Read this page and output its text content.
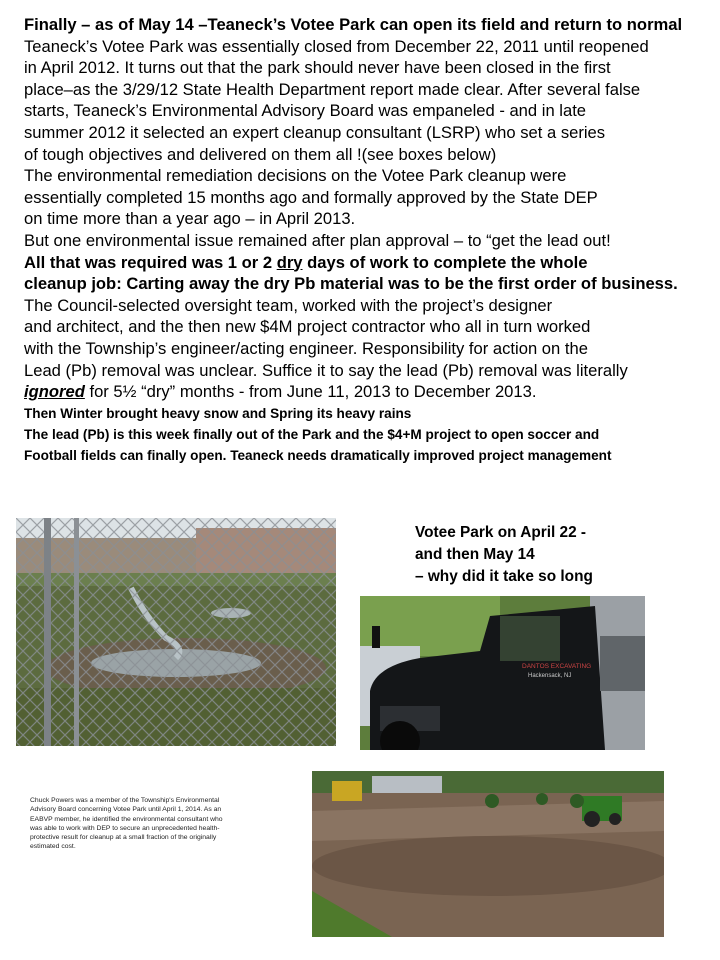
Finally – as of May 14 –Teaneck’s Votee Park can open its field and return to normal
Teaneck’s Votee Park was essentially closed from December 22, 2011 until reopened
in April 2012. It turns out that the park should never have been closed in the first
place–as the 3/29/12 State Health Department report made clear. After several false
starts, Teaneck’s Environmental Advisory Board was empaneled - and in late
summer 2012 it selected an expert cleanup consultant (LSRP) who set a series
of tough objectives and delivered on them all !(see boxes below)
The environmental remediation decisions on the Votee Park cleanup were
essentially completed 15 months ago and formally approved by the State DEP
on time more than a year ago – in April 2013.
But one environmental issue remained after plan approval – to “get the lead out!
All that was required was 1 or 2 dry days of work to complete the whole
cleanup job: Carting away the dry Pb material was to be the first order of business.
The Council-selected oversight team, worked with the project’s designer
and architect, and the then new $4M project contractor who all in turn worked
with the Township’s engineer/acting engineer. Responsibility for action on the
Lead (Pb) removal was unclear. Suffice it to say the lead (Pb) removal was literally
ignored for 5½ “dry” months - from June 11, 2013 to December 2013.
Then Winter brought heavy snow and Spring its heavy rains
The lead (Pb) is this week finally out of the Park and the $4+M project to open soccer and
Football fields can finally open. Teaneck needs dramatically improved project management
Votee Park on April 22 -
and then May 14
– why did it take so long
DANTOS EXCAVATING
Hackensack, NJ
Chuck Powers was a member of the Township's Environmental Advisory Board concerning Votee Park until April 1, 2014. As an EABVP member, he identified the environmental consultant who was able to work with DEP to secure an unprecedented health-protective result for cleanup at a small fraction of the originally estimated cost.
